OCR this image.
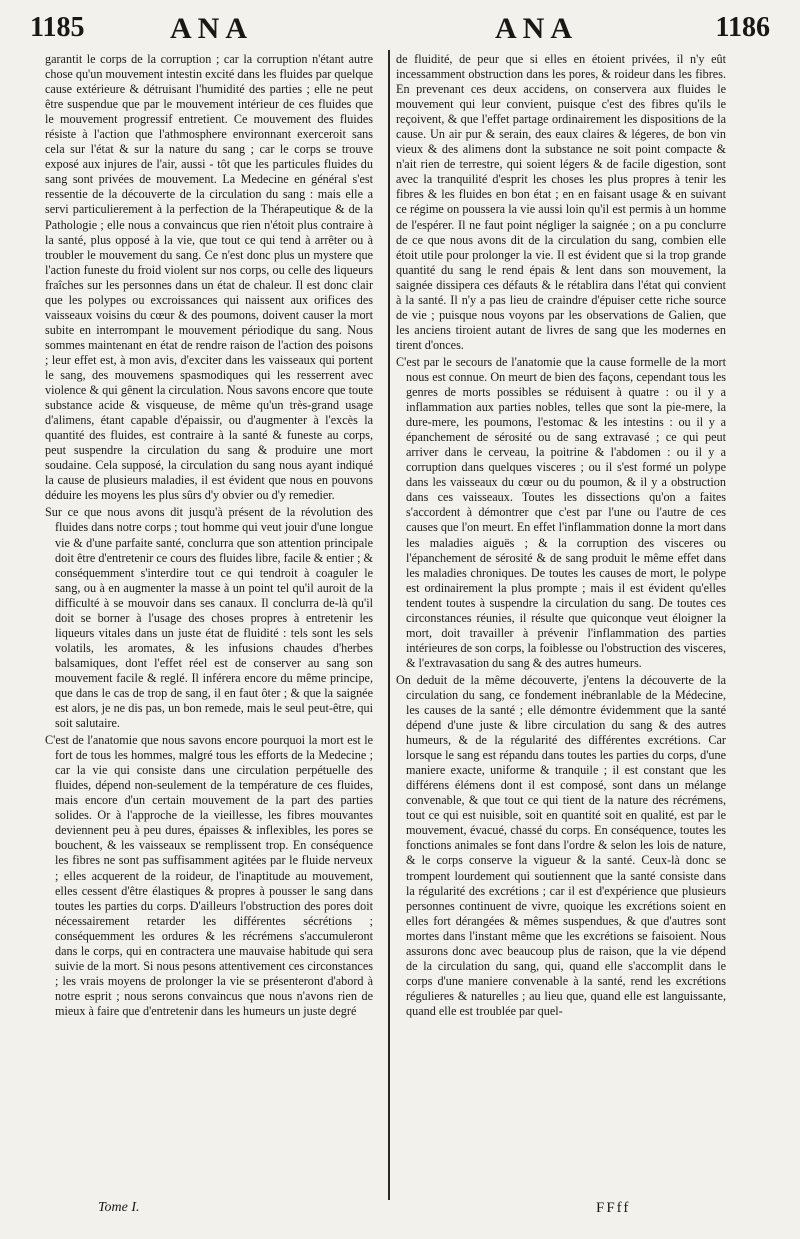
1185	ANA	ANA	1186

garantit le corps de la corruption ; car la corruption n'étant autre chose qu'un mouvement intestin excité dans les fluides par quelque cause extérieure & détruisant l'humidité des parties ; elle ne peut être suspendue que par le mouvement intérieur de ces fluides que le mouvement progressif entretient. Ce mouvement des fluides résiste à l'action que l'athmosphere environnant exerceroit sans cela sur l'état & sur la nature du sang ; car le corps se trouve exposé aux injures de l'air, aussi - tôt que les particules fluides du sang sont privées de mouvement. La Medecine en général s'est ressentie de la découverte de la circulation du sang : mais elle a servi particulierement à la perfection de la Thérapeutique & de la Pathologie ; elle nous a convaincus que rien n'étoit plus contraire à la santé, plus opposé à la vie, que tout ce qui tend à arrêter ou à troubler le mouvement du sang. Ce n'est donc plus un mystere que l'action funeste du froid violent sur nos corps, ou celle des liqueurs fraîches sur les personnes dans un état de chaleur. Il est donc clair que les polypes ou excroissances qui naissent aux orifices des vaisseaux voisins du cœur & des poumons, doivent causer la mort subite en interrompant le mouvement périodique du sang. Nous sommes maintenant en état de rendre raison de l'action des poisons ; leur effet est, à mon avis, d'exciter dans les vaisseaux qui portent le sang, des mouvemens spasmodiques qui les resserrent avec violence & qui gênent la circulation. Nous savons encore que toute substance acide & visqueuse, de même qu'un très-grand usage d'alimens, étant capable d'épaissir, ou d'augmenter à l'excès la quantité des fluides, est contraire à la santé & funeste au corps, peut suspendre la circulation du sang & produire une mort soudaine. Cela supposé, la circulation du sang nous ayant indiqué la cause de plusieurs maladies, il est évident que nous en pouvons déduire les moyens les plus sûrs d'y obvier ou d'y remedier.

Sur ce que nous avons dit jusqu'à présent de la révolution des fluides dans notre corps ; tout homme qui veut jouir d'une longue vie & d'une parfaite santé, conclurra que son attention principale doit être d'entretenir ce cours des fluides libre, facile & entier ; & conséquemment s'interdire tout ce qui tendroit à coaguler le sang, ou à en augmenter la masse à un point tel qu'il auroit de la difficulté à se mouvoir dans ses canaux. Il conclurra de-là qu'il doit se borner à l'usage des choses propres à entretenir les liqueurs vitales dans un juste état de fluidité : tels sont les sels volatils, les aromates, & les infusions chaudes d'herbes balsamiques, dont l'effet réel est de conserver au sang son mouvement facile & reglé. Il inférera encore du même principe, que dans le cas de trop de sang, il en faut ôter ; & que la saignée est alors, je ne dis pas, un bon remede, mais le seul peut-être, qui soit salutaire.

C'est de l'anatomie que nous savons encore pourquoi la mort est le fort de tous les hommes, malgré tous les efforts de la Medecine ; car la vie qui consiste dans une circulation perpétuelle des fluides, dépend non-seulement de la température de ces fluides, mais encore d'un certain mouvement de la part des parties solides. Or à l'approche de la vieillesse, les fibres mouvantes deviennent peu à peu dures, épaisses & inflexibles, les pores se bouchent, & les vaisseaux se remplissent trop. En conséquence les fibres ne sont pas suffisamment agitées par le fluide nerveux ; elles acquerent de la roideur, de l'inaptitude au mouvement, elles cessent d'être élastiques & propres à pousser le sang dans toutes les parties du corps. D'ailleurs l'obstruction des pores doit nécessairement retarder les différentes sécrétions ; conséquemment les ordures & les récrémens s'accumuleront dans le corps, qui en contractera une mauvaise habitude qui sera suivie de la mort. Si nous pesons attentivement ces circonstances ; les vrais moyens de prolonger la vie se présenteront d'abord à notre esprit ; nous serons convaincus que nous n'avons rien de mieux à faire que d'entretenir dans les humeurs un juste degré

de fluidité, de peur que si elles en étoient privées, il n'y eût incessamment obstruction dans les pores, & roideur dans les fibres. En prevenant ces deux accidens, on conservera aux fluides le mouvement qui leur convient, puisque c'est des fibres qu'ils le reçoivent, & que l'effet partage ordinairement les dispositions de la cause. Un air pur & serain, des eaux claires & légeres, de bon vin vieux & des alimens dont la substance ne soit point compacte & n'ait rien de terrestre, qui soient légers & de facile digestion, sont avec la tranquilité d'esprit les choses les plus propres à tenir les fibres & les fluides en bon état ; en en faisant usage & en suivant ce régime on poussera la vie aussi loin qu'il est permis à un homme de l'espérer. Il ne faut point négliger la saignée ; on a pu conclurre de ce que nous avons dit de la circulation du sang, combien elle étoit utile pour prolonger la vie. Il est évident que si la trop grande quantité du sang le rend épais & lent dans son mouvement, la saignée dissipera ces défauts & le rétablira dans l'état qui convient à la santé. Il n'y a pas lieu de craindre d'épuiser cette riche source de vie ; puisque nous voyons par les observations de Galien, que les anciens tiroient autant de livres de sang que les modernes en tirent d'onces.

C'est par le secours de l'anatomie que la cause formelle de la mort nous est connue. On meurt de bien des façons, cependant tous les genres de morts possibles se réduisent à quatre : ou il y a inflammation aux parties nobles, telles que sont la pie-mere, la dure-mere, les poumons, l'estomac & les intestins : ou il y a épanchement de sérosité ou de sang extravasé ; ce qui peut arriver dans le cerveau, la poitrine & l'abdomen : ou il y a corruption dans quelques visceres ; ou il s'est formé un polype dans les vaisseaux du cœur ou du poumon, & il y a obstruction dans ces vaisseaux. Toutes les dissections qu'on a faites s'accordent à démontrer que c'est par l'une ou l'autre de ces causes que l'on meurt. En effet l'inflammation donne la mort dans les maladies aiguës ; & la corruption des visceres ou l'épanchement de sérosité & de sang produit le même effet dans les maladies chroniques. De toutes les causes de mort, le polype est ordinairement la plus prompte ; mais il est évident qu'elles tendent toutes à suspendre la circulation du sang. De toutes ces circonstances réunies, il résulte que quiconque veut éloigner la mort, doit travailler à prévenir l'inflammation des parties intérieures de son corps, la foiblesse ou l'obstruction des visceres, & l'extravasation du sang & des autres humeurs.

On deduit de la même découverte, j'entens la découverte de la circulation du sang, ce fondement inébranlable de la Médecine, les causes de la santé ; elle démontre évidemment que la santé dépend d'une juste & libre circulation du sang & des autres humeurs, & de la régularité des différentes excrétions. Car lorsque le sang est répandu dans toutes les parties du corps, d'une maniere exacte, uniforme & tranquile ; il est constant que les différens élémens dont il est composé, sont dans un mélange convenable, & que tout ce qui tient de la nature des récrémens, tout ce qui est nuisible, soit en quantité soit en qualité, est par le mouvement, évacué, chassé du corps. En conséquence, toutes les fonctions animales se font dans l'ordre & selon les lois de nature, & le corps conserve la vigueur & la santé. Ceux-là donc se trompent lourdement qui soutiennent que la santé consiste dans la régularité des excrétions ; car il est d'expérience que plusieurs personnes continuent de vivre, quoique les excrétions soient en elles fort dérangées & mêmes suspendues, & que d'autres sont mortes dans l'instant même que les excrétions se faisoient. Nous assurons donc avec beaucoup plus de raison, que la vie dépend de la circulation du sang, qui, quand elle s'accomplit dans le corps d'une maniere convenable à la santé, rend les excrétions régulieres & naturelles ; au lieu que, quand elle est languissante, quand elle est troublée par quel-

Tome I.	FFff
